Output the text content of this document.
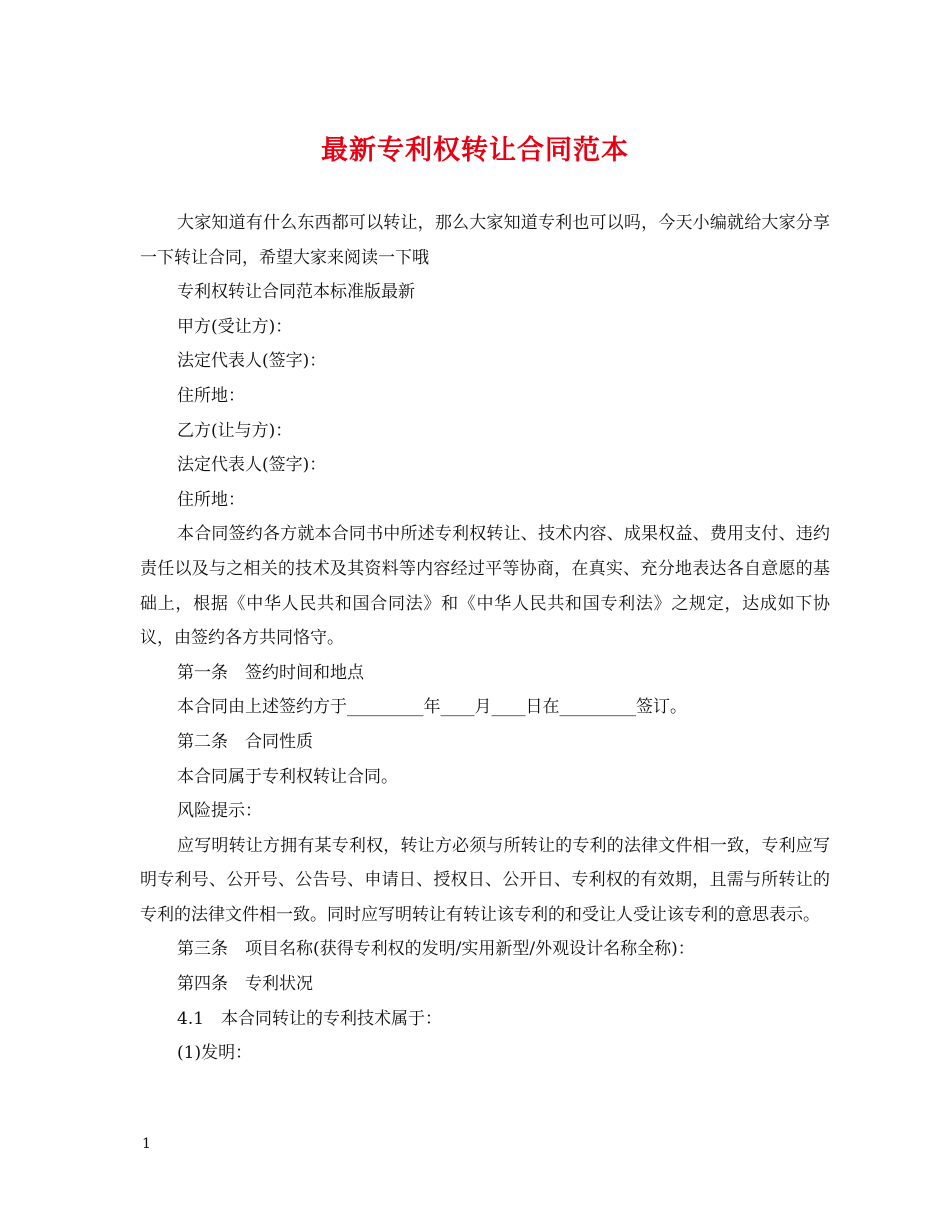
最新专利权转让合同范本

大家知道有什么东西都可以转让，那么大家知道专利也可以吗，今天小编就给大家分享一下转让合同，希望大家来阅读一下哦

专利权转让合同范本标准版最新

甲方(受让方)：

法定代表人(签字)：

住所地：

乙方(让与方)：

法定代表人(签字)：

住所地：

本合同签约各方就本合同书中所述专利权转让、技术内容、成果权益、费用支付、违约责任以及与之相关的技术及其资料等内容经过平等协商，在真实、充分地表达各自意愿的基础上，根据《中华人民共和国合同法》和《中华人民共和国专利法》之规定，达成如下协议，由签约各方共同恪守。

第一条　签约时间和地点

本合同由上述签约方于_________年____月____日在_________签订。

第二条　合同性质

本合同属于专利权转让合同。

风险提示：

应写明转让方拥有某专利权，转让方必须与所转让的专利的法律文件相一致，专利应写明专利号、公开号、公告号、申请日、授权日、公开日、专利权的有效期，且需与所转让的专利的法律文件相一致。同时应写明转让有转让该专利的和受让人受让该专利的意思表示。

第三条　项目名称(获得专利权的发明/实用新型/外观设计名称全称)：

第四条　专利状况

4.1　本合同转让的专利技术属于：

(1)发明：

1
